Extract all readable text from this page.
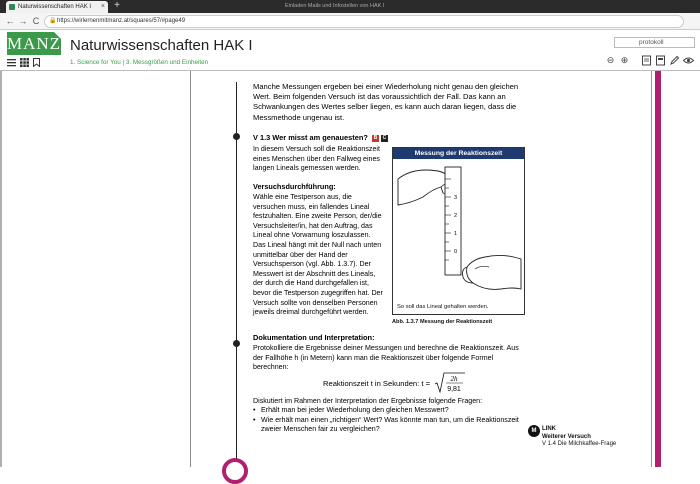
Naturwissenschaften HAK I × +	Einladen Mails und Infostellen von HAK I
← → C	🔒 https://wirlernenmitmanz.at/squares/57/#page49
MANZ Naturwissenschaften HAK I
1. Science for You | 3. Messgrößen und Einheiten
protokoll
⊖ ⊕
Manche Messungen ergeben bei einer Wiederholung nicht genau den gleichen Wert. Beim folgenden Versuch ist das voraussichtlich der Fall. Das kann an Schwankungen des Wertes selber liegen, es kann auch daran liegen, dass die Messmethode ungenau ist.
V 1.3 Wer misst am genauesten? B C
In diesem Versuch soll die Reaktionszeit eines Menschen über den Fallweg eines langen Lineals gemessen werden.
Versuchsdurchführung:
Wähle eine Testperson aus, die versuchen muss, ein fallendes Lineal festzuhalten. Eine zweite Person, der/die Versuchsleiter/in, hat den Auftrag, das Lineal ohne Vorwarnung loszulassen. Das Lineal hängt mit der Null nach unten unmittelbar über der Hand der Versuchsperson (vgl. Abb. 1.3.7). Der Messwert ist der Abschnitt des Lineals, der durch die Hand durchgefallen ist, bevor die Testperson zugegriffen hat. Der Versuch sollte von denselben Personen jeweils dreimal durchgeführt werden.
Messung der Reaktionszeit
3
2
1
0
So soll das Lineal gehalten werden.
Abb. 1.3.7 Messung der Reaktionszeit
Dokumentation und Interpretation:
Protokolliere die Ergebnisse deiner Messungen und berechne die Reaktionszeit. Aus der Fallhöhe h (in Metern) kann man die Reaktionszeit über folgende Formel berechnen:
Reaktionszeit t in Sekunden: t =	2h
9,81
Diskutiert im Rahmen der Interpretation der Ergebnisse folgende Fragen:
• Erhält man bei jeder Wiederholung den gleichen Messwert?
• Wie erhält man einen „richtigen“ Wert? Was könnte man tun, um die Reaktionszeit zweier Menschen fair zu vergleichen?	M LINK
Weiterer Versuch
V 1.4 Die Milchkaffee-Frage
